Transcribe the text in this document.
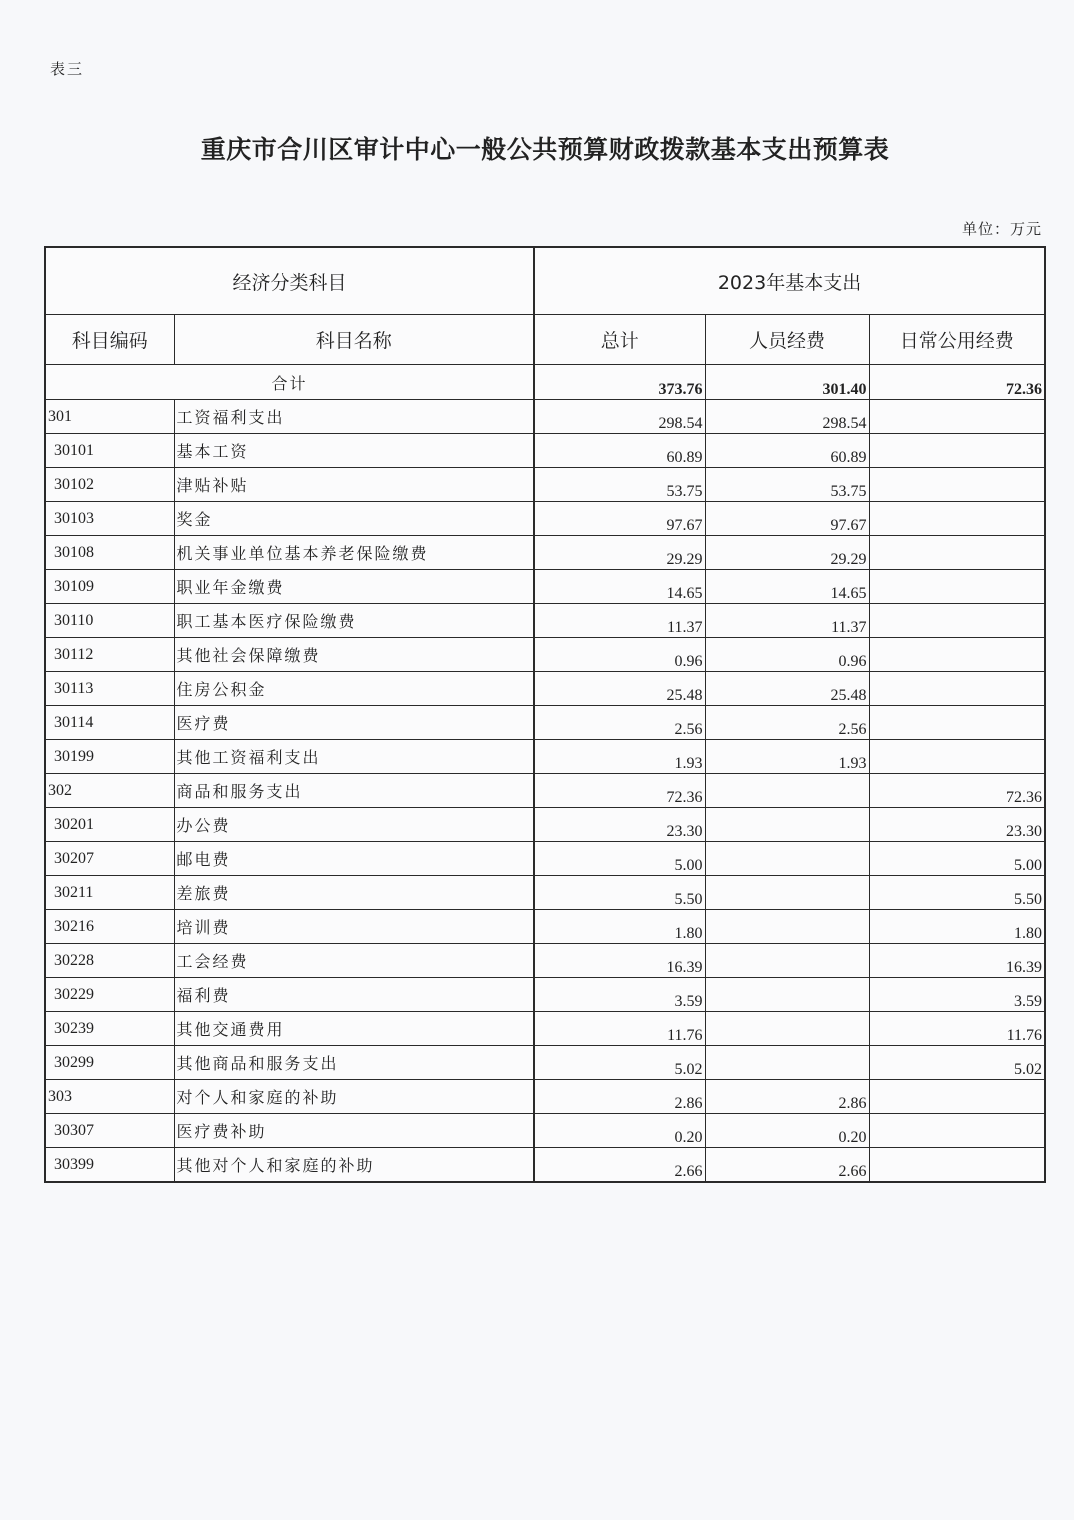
表三
重庆市合川区审计中心一般公共预算财政拨款基本支出预算表
单位：万元
经济分类科目		2023年基本支出		
科目编码	科目名称	总计	人员经费	日常公用经费
合计		373.76	301.40	72.36
301	工资福利支出	298.54	298.54	
30101	基本工资	60.89	60.89	
30102	津贴补贴	53.75	53.75	
30103	奖金	97.67	97.67	
30108	机关事业单位基本养老保险缴费	29.29	29.29	
30109	职业年金缴费	14.65	14.65	
30110	职工基本医疗保险缴费	11.37	11.37	
30112	其他社会保障缴费	0.96	0.96	
30113	住房公积金	25.48	25.48	
30114	医疗费	2.56	2.56	
30199	其他工资福利支出	1.93	1.93	
302	商品和服务支出	72.36		72.36
30201	办公费	23.30		23.30
30207	邮电费	5.00		5.00
30211	差旅费	5.50		5.50
30216	培训费	1.80		1.80
30228	工会经费	16.39		16.39
30229	福利费	3.59		3.59
30239	其他交通费用	11.76		11.76
30299	其他商品和服务支出	5.02		5.02
303	对个人和家庭的补助	2.86	2.86	
30307	医疗费补助	0.20	0.20	
30399	其他对个人和家庭的补助	2.66	2.66	
